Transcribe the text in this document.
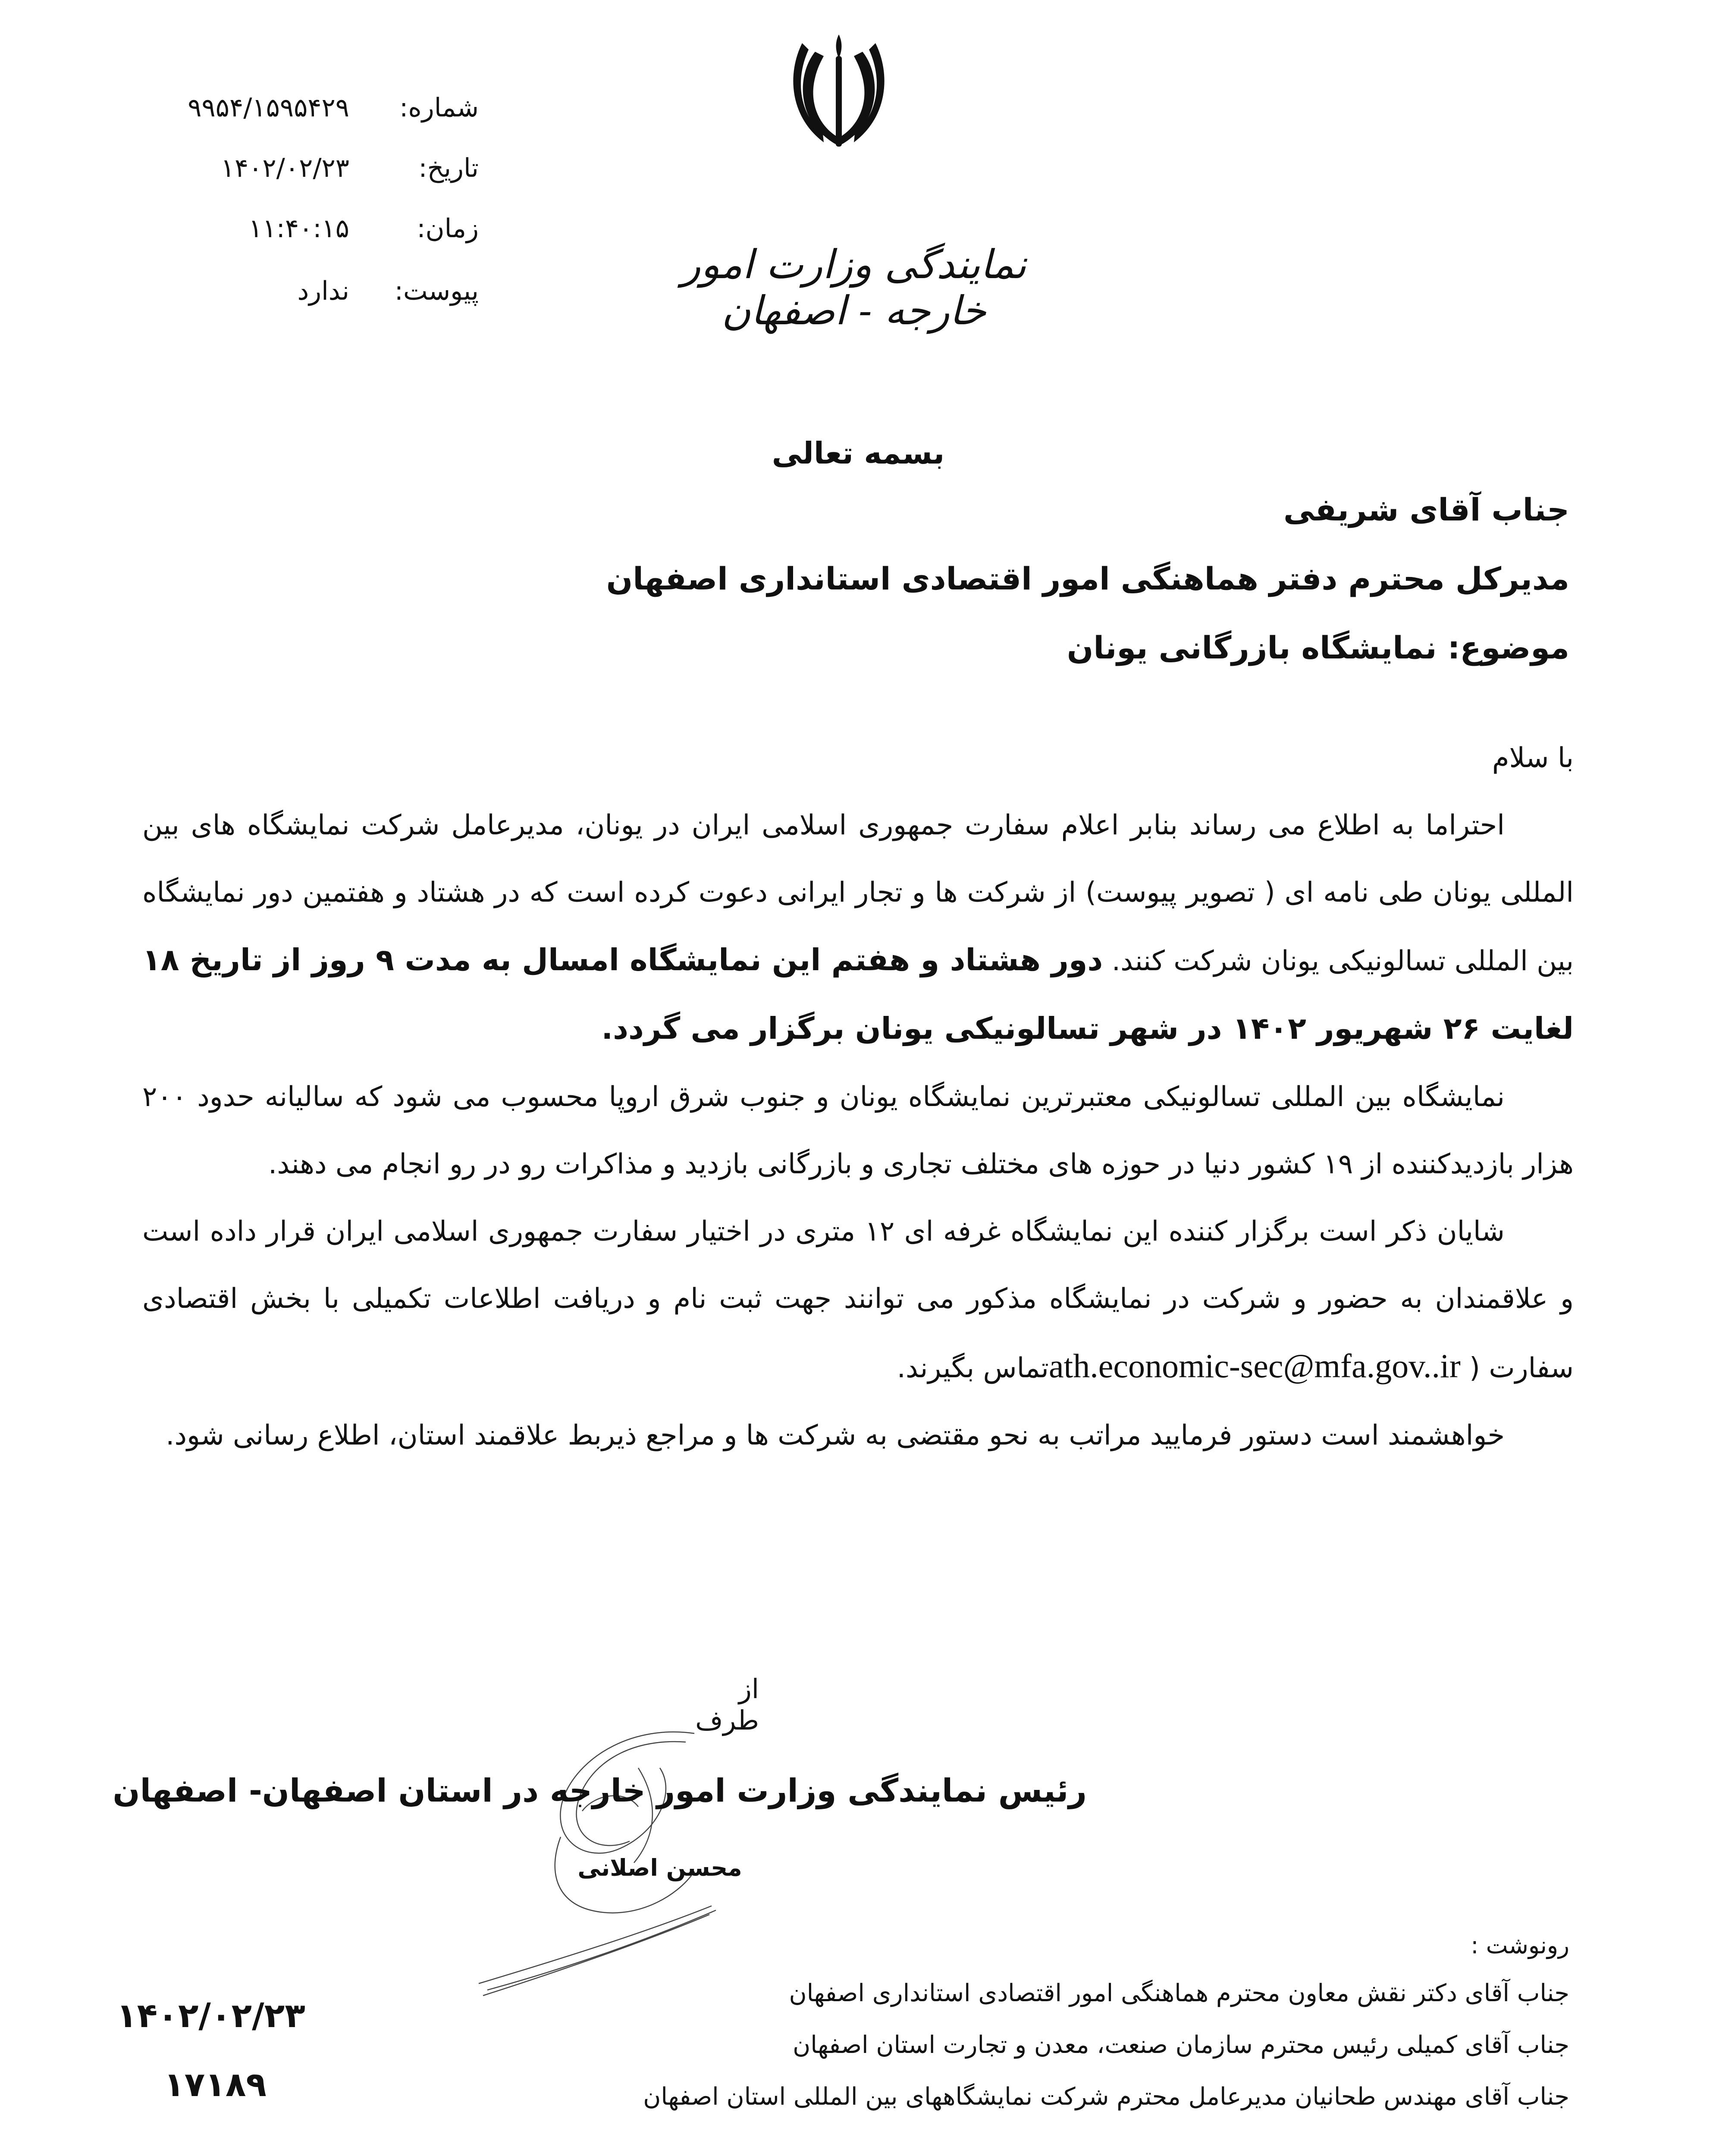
شماره:
۹۹۵۴/۱۵۹۵۴۲۹
تاریخ:
۱۴۰۲/۰۲/۲۳
زمان:
۱۱:۴۰:۱۵
پیوست:
ندارد
نمایندگی وزارت امور خارجه - اصفهان
بسمه تعالی
جناب آقای شریفی
مدیرکل محترم دفتر هماهنگی امور اقتصادی استانداری اصفهان
موضوع: نمایشگاه بازرگانی یونان

با سلام

احتراما به اطلاع می رساند بنابر اعلام سفارت جمهوری اسلامی ایران در یونان، مدیرعامل شرکت نمایشگاه های بین المللی یونان طی نامه ای ( تصویر پیوست) از شرکت ها و تجار ایرانی دعوت کرده است که در هشتاد و هفتمین دور نمایشگاه بین المللی تسالونیکی یونان شرکت کنند. دور هشتاد و هفتم این نمایشگاه امسال به مدت ۹ روز از تاریخ ۱۸ لغایت ۲۶ شهریور ۱۴۰۲ در شهر تسالونیکی یونان برگزار می گردد.

نمایشگاه بین المللی تسالونیکی معتبرترین نمایشگاه یونان و جنوب شرق اروپا محسوب می شود که سالیانه حدود ۲۰۰ هزار بازدیدکننده از ۱۹ کشور دنیا در حوزه های مختلف تجاری و بازرگانی بازدید و مذاکرات رو در رو انجام می دهند.

شایان ذکر است برگزار کننده این نمایشگاه غرفه ای ۱۲ متری در اختیار سفارت جمهوری اسلامی ایران قرار داده است و علاقمندان به حضور و شرکت در نمایشگاه مذکور می توانند جهت ثبت نام و دریافت اطلاعات تکمیلی با بخش اقتصادی سفارت ( ath.economic-sec@mfa.gov..irتماس بگیرند.

خواهشمند است دستور فرمایید مراتب به نحو مقتضی به شرکت ها و مراجع ذیربط علاقمند استان، اطلاع رسانی شود.

از طرف
رئیس نمایندگی وزارت امور خارجه در استان اصفهان- اصفهان
محسن اصلانی
رونوشت :
جناب آقای دکتر نقش معاون محترم هماهنگی امور اقتصادی استانداری اصفهان
جناب آقای کمیلی رئیس محترم سازمان صنعت، معدن و تجارت استان اصفهان
جناب آقای مهندس طحانیان مدیرعامل محترم شرکت نمایشگاههای بین المللی استان اصفهان
۱۴۰۲/۰۲/۲۳
۱۷۱۸۹
